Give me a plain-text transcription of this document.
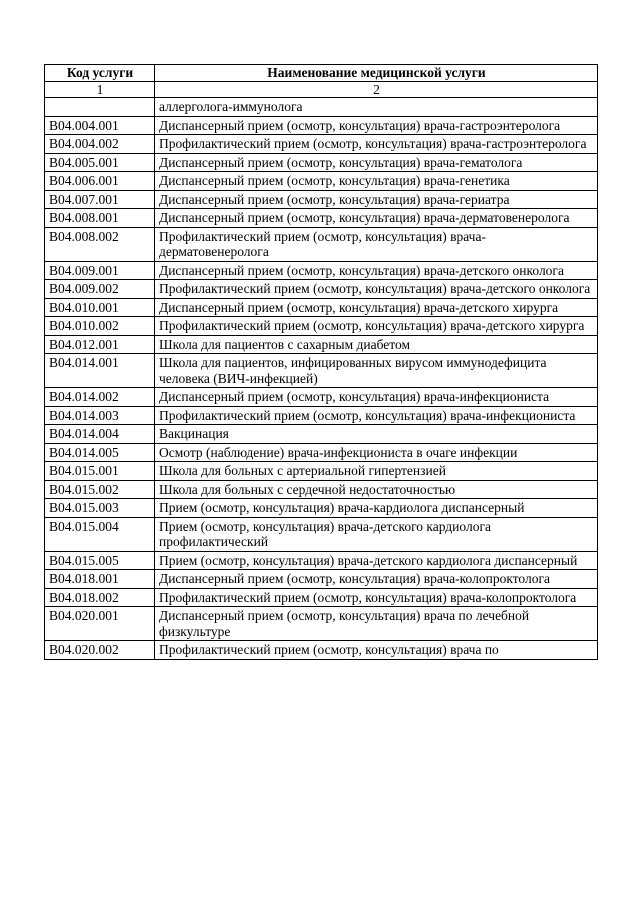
Код услуги	Наименование медицинской услуги
1	2
	аллерголога-иммунолога
B04.004.001	Диспансерный прием (осмотр, консультация) врача-гастроэнтеролога
B04.004.002	Профилактический прием (осмотр, консультация) врача-гастроэнтеролога
B04.005.001	Диспансерный прием (осмотр, консультация) врача-гематолога
B04.006.001	Диспансерный прием (осмотр, консультация) врача-генетика
B04.007.001	Диспансерный прием (осмотр, консультация) врача-гериатра
B04.008.001	Диспансерный прием (осмотр, консультация) врача-дерматовенеролога
B04.008.002	Профилактический прием (осмотр, консультация) врача-дерматовенеролога
B04.009.001	Диспансерный прием (осмотр, консультация) врача-детского онколога
B04.009.002	Профилактический прием (осмотр, консультация) врача-детского онколога
B04.010.001	Диспансерный прием (осмотр, консультация) врача-детского хирурга
B04.010.002	Профилактический прием (осмотр, консультация) врача-детского хирурга
B04.012.001	Школа для пациентов с сахарным диабетом
B04.014.001	Школа для пациентов, инфицированных вирусом иммунодефицита человека (ВИЧ-инфекцией)
B04.014.002	Диспансерный прием (осмотр, консультация) врача-инфекциониста
B04.014.003	Профилактический прием (осмотр, консультация) врача-инфекциониста
B04.014.004	Вакцинация
B04.014.005	Осмотр (наблюдение) врача-инфекциониста в очаге инфекции
B04.015.001	Школа для больных с артериальной гипертензией
B04.015.002	Школа для больных с сердечной недостаточностью
B04.015.003	Прием (осмотр, консультация) врача-кардиолога диспансерный
B04.015.004	Прием (осмотр, консультация) врача-детского кардиолога профилактический
B04.015.005	Прием (осмотр, консультация) врача-детского кардиолога диспансерный
B04.018.001	Диспансерный прием (осмотр, консультация) врача-колопроктолога
B04.018.002	Профилактический прием (осмотр, консультация) врача-колопроктолога
B04.020.001	Диспансерный прием (осмотр, консультация) врача по лечебной физкультуре
B04.020.002	Профилактический прием (осмотр, консультация) врача по
